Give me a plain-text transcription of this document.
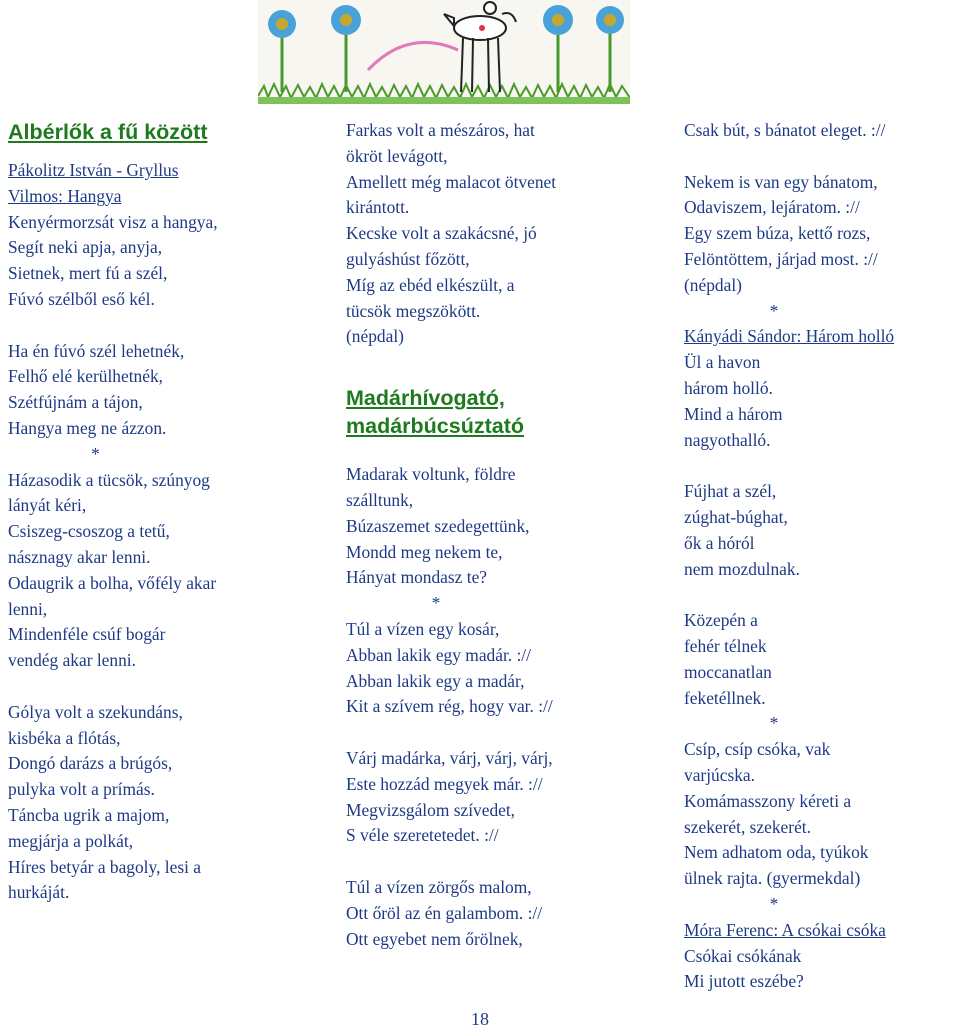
Albérlők a fű között
Pákolitz István - Gryllus
Vilmos: Hangya
Kenyérmorzsát visz a hangya,
Segít neki apja, anyja,
Sietnek, mert fú a szél,
Fúvó szélből eső kél.
Ha én fúvó szél lehetnék,
Felhő elé kerülhetnék,
Szétfújnám a tájon,
Hangya meg ne ázzon.
*
Házasodik a tücsök, szúnyog
lányát kéri,
Csiszeg-csoszog a tetű,
násznagy akar lenni.
Odaugrik a bolha, vőfély akar
lenni,
Mindenféle csúf bogár
vendég akar lenni.
Gólya volt a szekundáns,
kisbéka a flótás,
Dongó darázs a brúgós,
pulyka volt a prímás.
Táncba ugrik a majom,
megjárja a polkát,
Híres betyár a bagoly, lesi a
hurkáját.
Farkas volt a mészáros, hat
ökröt levágott,
Amellett még malacot ötvenet
kirántott.
Kecske volt a szakácsné, jó
gulyáshúst főzött,
Míg az ebéd elkészült, a
tücsök megszökött.
(népdal)
Madárhívogató,
madárbúcsúztató
Madarak voltunk, földre
szálltunk,
Búzaszemet szedegettünk,
Mondd meg nekem te,
Hányat mondasz te?
*
Túl a vízen egy kosár,
Abban lakik egy madár. ://
Abban lakik egy a madár,
Kit a szívem rég, hogy var. ://
Várj madárka, várj, várj, várj,
Este hozzád megyek már. ://
Megvizsgálom szívedet,
S véle szeretetedet. ://
Túl a vízen zörgős malom,
Ott őröl az én galambom. ://
Ott egyebet nem őrölnek,
Csak bút, s bánatot eleget. ://
Nekem is van egy bánatom,
Odaviszem, lejáratom. ://
Egy szem búza, kettő rozs,
Felöntöttem, járjad most. ://
(népdal)
*
Kányádi Sándor: Három holló
Ül a havon
három holló.
Mind a három
nagyothalló.
Fújhat a szél,
zúghat-búghat,
ők a hóról
nem mozdulnak.
Közepén a
fehér télnek
moccanatlan
feketéllnek.
*
Csíp, csíp csóka, vak
varjúcska.
Komámasszony kéreti a
szekerét, szekerét.
Nem adhatom oda, tyúkok
ülnek rajta. (gyermekdal)
*
Móra Ferenc: A csókai csóka
Csókai csókának
Mi jutott eszébe?
18
